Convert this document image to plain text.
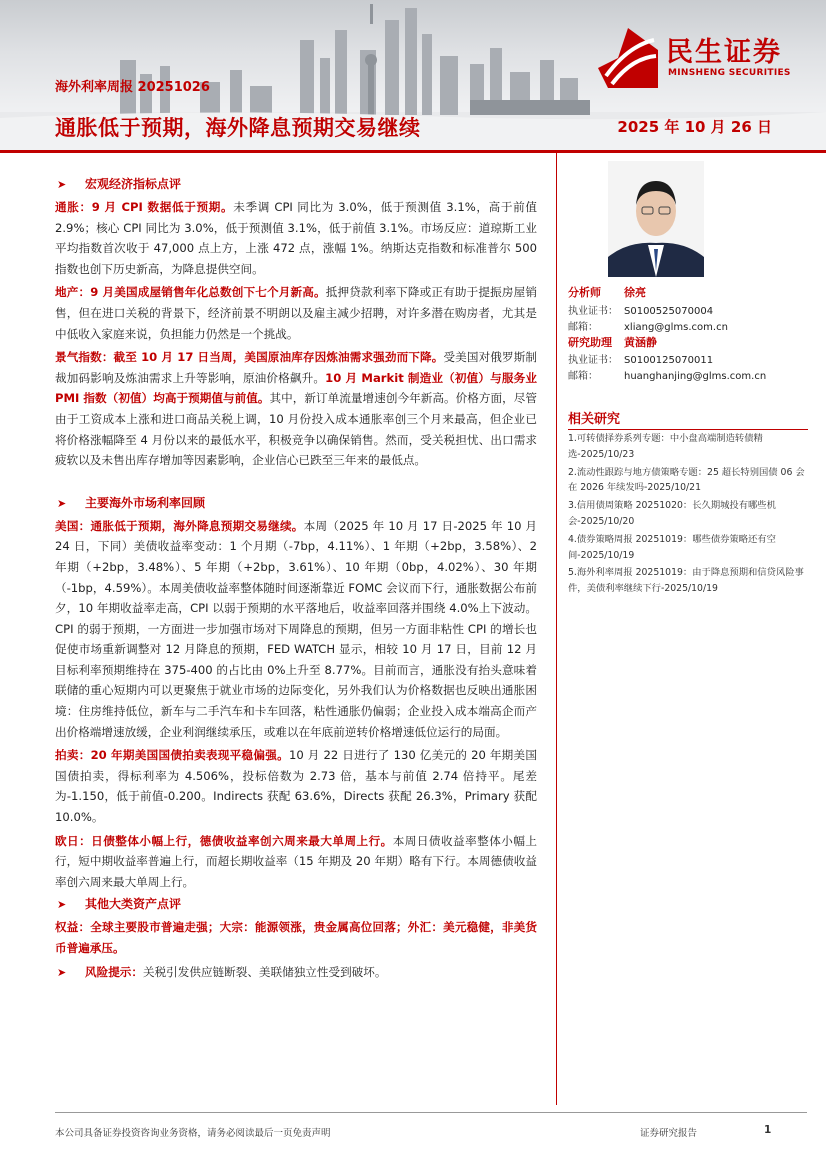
民生证券
MINSHENG SECURITIES
海外利率周报 20251026
通胀低于预期，海外降息预期交易继续	2025 年 10 月 26 日
➤ 宏观经济指标点评
通胀：9 月 CPI 数据低于预期。未季调 CPI 同比为 3.0%，低于预测值 3.1%，高于前值 2.9%；核心 CPI 同比为 3.0%，低于预测值 3.1%，低于前值 3.1%。市场反应：道琼斯工业平均指数首次收于 47,000 点上方，上涨 472 点，涨幅 1%。纳斯达克指数和标准普尔 500 指数也创下历史新高，为降息提供空间。
地产：9 月美国成屋销售年化总数创下七个月新高。抵押贷款利率下降或正有助于提振房屋销售，但在进口关税的背景下，经济前景不明朗以及雇主减少招聘，对许多潜在购房者，尤其是中低收入家庭来说，负担能力仍然是一个挑战。
景气指数：截至 10 月 17 日当周，美国原油库存因炼油需求强劲而下降。受美国对俄罗斯制裁加码影响及炼油需求上升等影响，原油价格飙升。10 月 Markit 制造业（初值）与服务业 PMI 指数（初值）均高于预期值与前值。其中，新订单流量增速创今年新高。价格方面，尽管由于工资成本上涨和进口商品关税上调，10 月份投入成本通胀率创三个月来最高，但企业已将价格涨幅降至 4 月份以来的最低水平，积极竞争以确保销售。然而，受关税担忧、出口需求疲软以及未售出库存增加等因素影响，企业信心已跌至三年来的最低点。
➤ 主要海外市场利率回顾
美国：通胀低于预期，海外降息预期交易继续。本周（2025 年 10 月 17 日-2025 年 10 月 24 日，下同）美债收益率变动：1 个月期（-7bp，4.11%）、1 年期（+2bp，3.58%）、2 年期（+2bp，3.48%）、5 年期（+2bp，3.61%）、10 年期（0bp，4.02%）、30 年期（-1bp，4.59%）。本周美债收益率整体随时间逐渐靠近 FOMC 会议而下行，通胀数据公布前夕，10 年期收益率走高，CPI 以弱于预期的水平落地后，收益率回落并围绕 4.0%上下波动。CPI 的弱于预期，一方面进一步加强市场对下周降息的预期，但另一方面非粘性 CPI 的增长也促使市场重新调整对 12 月降息的预期，FED WATCH 显示，相较 10 月 17 日，目前 12 月目标利率预期维持在 375-400 的占比由 0%上升至 8.77%。目前而言，通胀没有抬头意味着联储的重心短期内可以更聚焦于就业市场的边际变化，另外我们认为价格数据也反映出通胀困境：住房维持低位，新车与二手汽车和卡车回落，粘性通胀仍偏弱；企业投入成本端高企而产出价格端增速放缓，企业利润继续承压，或难以在年底前逆转价格增速低位运行的局面。
拍卖：20 年期美国国债拍卖表现平稳偏强。10 月 22 日进行了 130 亿美元的 20 年期美国国债拍卖，得标利率为 4.506%，投标倍数为 2.73 倍，基本与前值 2.74 倍持平。尾差为-1.150，低于前值-0.200。Indirects 获配 63.6%，Directs 获配 26.3%，Primary 获配 10.0%。
欧日：日债整体小幅上行，德债收益率创六周来最大单周上行。本周日债收益率整体小幅上行，短中期收益率普遍上行，而超长期收益率（15 年期及 20 年期）略有下行。本周德债收益率创六周来最大单周上行。
➤ 其他大类资产点评
权益：全球主要股市普遍走强；大宗：能源领涨，贵金属高位回落；外汇：美元稳健，非美货币普遍承压。
➤ 风险提示：关税引发供应链断裂、美联储独立性受到破坏。
分析师 徐亮
执业证书： S0100525070004
邮箱：	xliang@glms.com.cn
研究助理 黄涵静
执业证书： S0100125070011
邮箱：	huanghanjing@glms.com.cn
相关研究
1.可转债择券系列专题：中小盘高端制造转债精选-2025/10/23
2.流动性跟踪与地方债策略专题：25 超长特别国债 06 会在 2026 年续发吗-2025/10/21
3.信用债周策略 20251020：长久期城投有哪些机会-2025/10/20
4.债券策略周报 20251019：哪些债券策略还有空间-2025/10/19
5.海外利率周报 20251019：由于降息预期和信贷风险事件，美债利率继续下行-2025/10/19
本公司具备证券投资咨询业务资格，请务必阅读最后一页免责声明	证券研究报告	1
